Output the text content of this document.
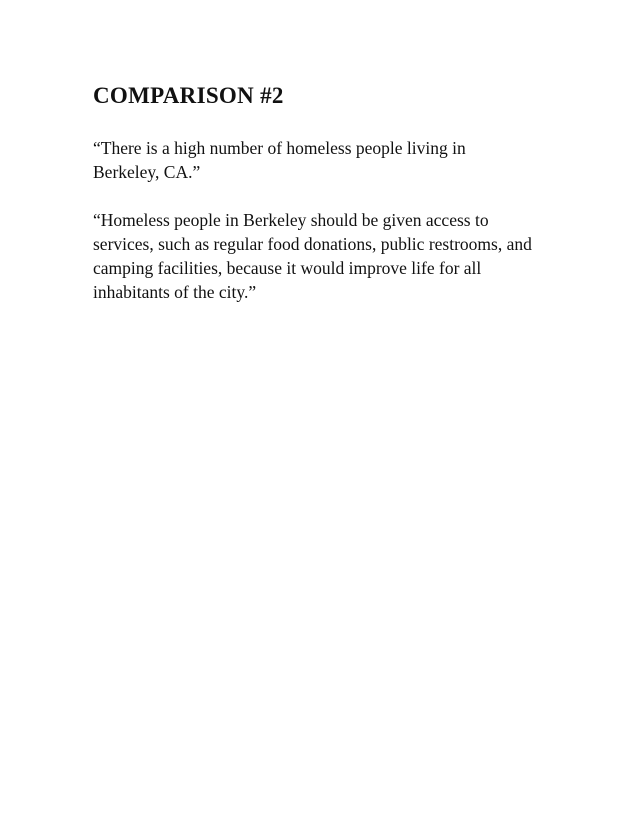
COMPARISON #2

“There is a high number of homeless people living in Berkeley, CA.”

“Homeless people in Berkeley should be given access to services, such as regular food donations, public restrooms, and camping facilities, because it would improve life for all inhabitants of the city.”
